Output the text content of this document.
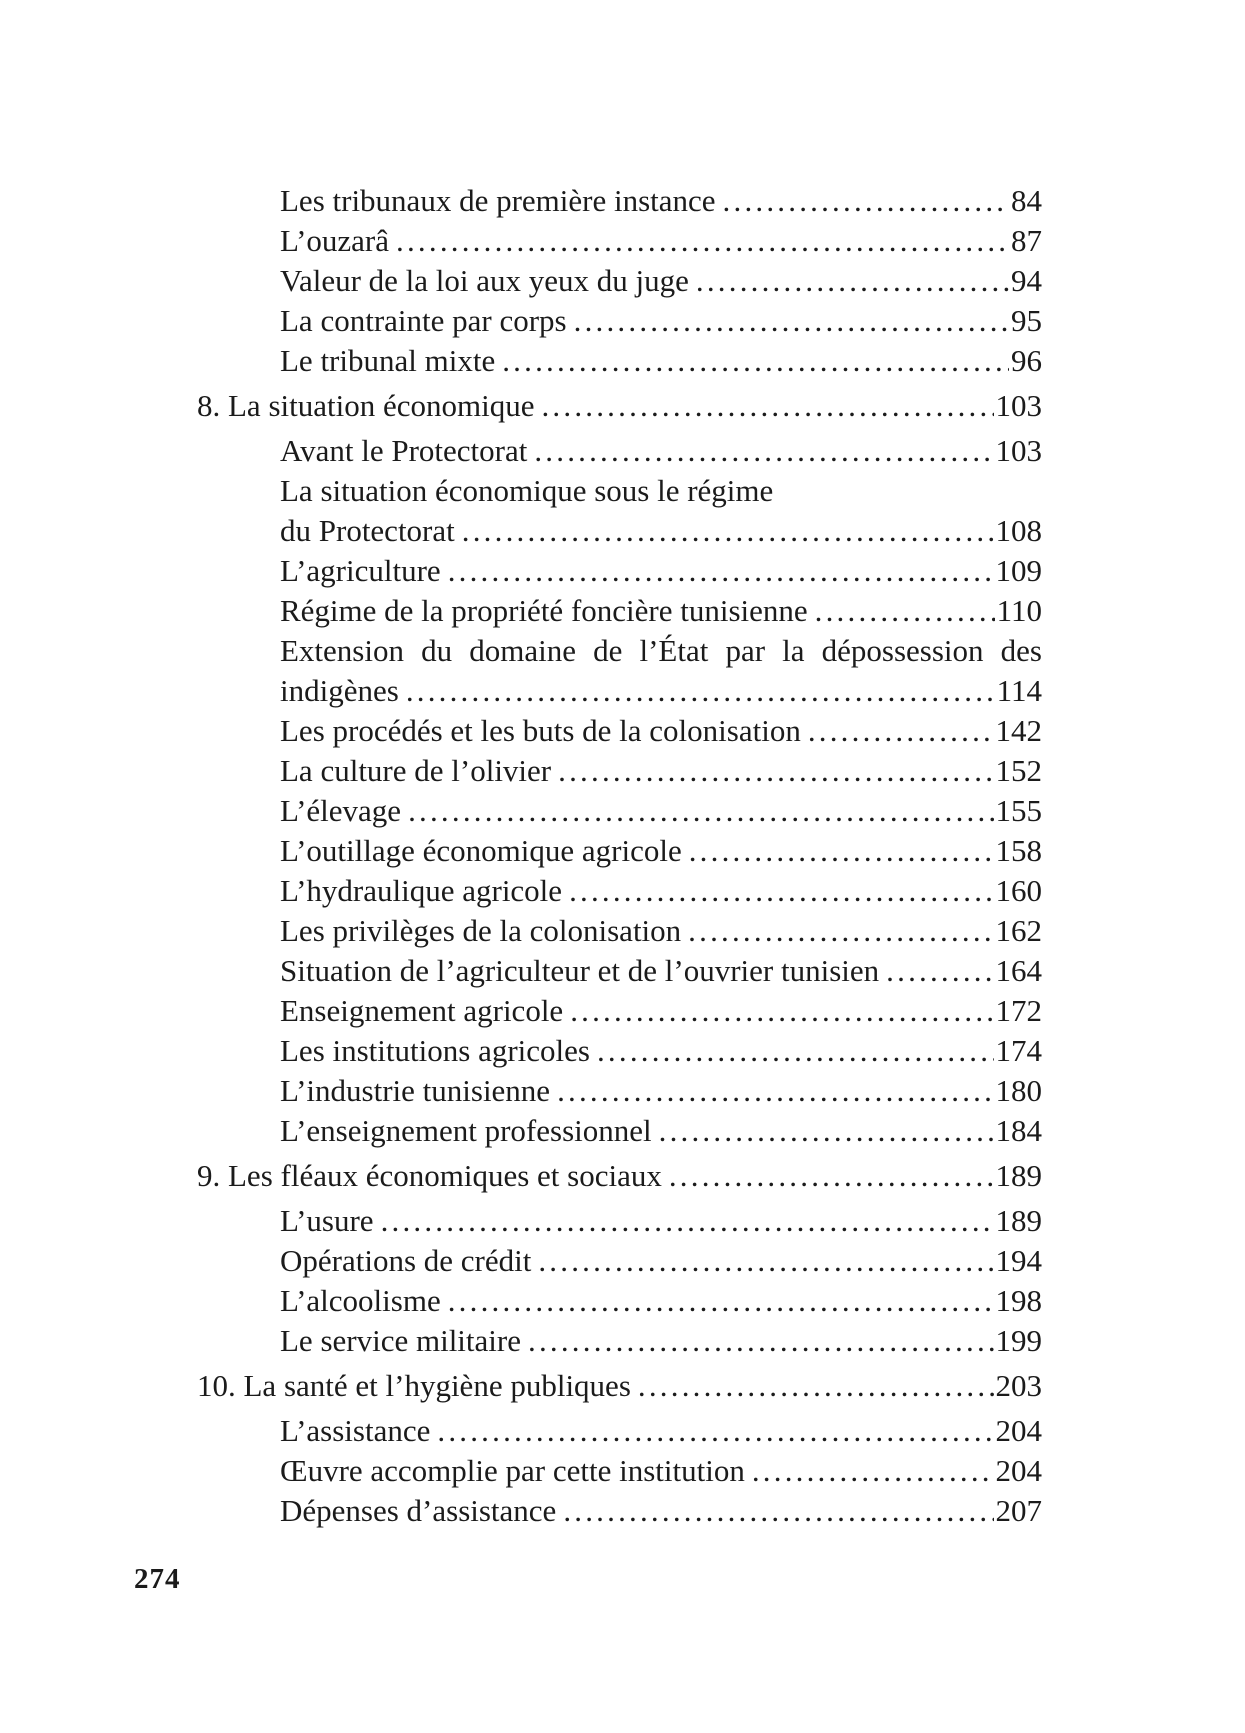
Les tribunaux de première instance .....	84
L’ouzarâ .....	87
Valeur de la loi aux yeux du juge .....	94
La contrainte par corps .....	95
Le tribunal mixte .....	96
8. La situation économique .....	103
Avant le Protectorat .....	103
La situation économique sous le régime
du Protectorat .....	108
L’agriculture .....	109
Régime de la propriété foncière tunisienne .....	110
Extension du domaine de l’État par la dépossession des
indigènes .....	114
Les procédés et les buts de la colonisation .....	142
La culture de l’olivier .....	152
L’élevage .....	155
L’outillage économique agricole .....	158
L’hydraulique agricole .....	160
Les privilèges de la colonisation .....	162
Situation de l’agriculteur et de l’ouvrier tunisien .....	164
Enseignement agricole .....	172
Les institutions agricoles .....	174
L’industrie tunisienne .....	180
L’enseignement professionnel .....	184
9. Les fléaux économiques et sociaux .....	189
L’usure .....	189
Opérations de crédit .....	194
L’alcoolisme .....	198
Le service militaire .....	199
10. La santé et l’hygiène publiques .....	203
L’assistance .....	204
Œuvre accomplie par cette institution .....	204
Dépenses d’assistance .....	207
274
